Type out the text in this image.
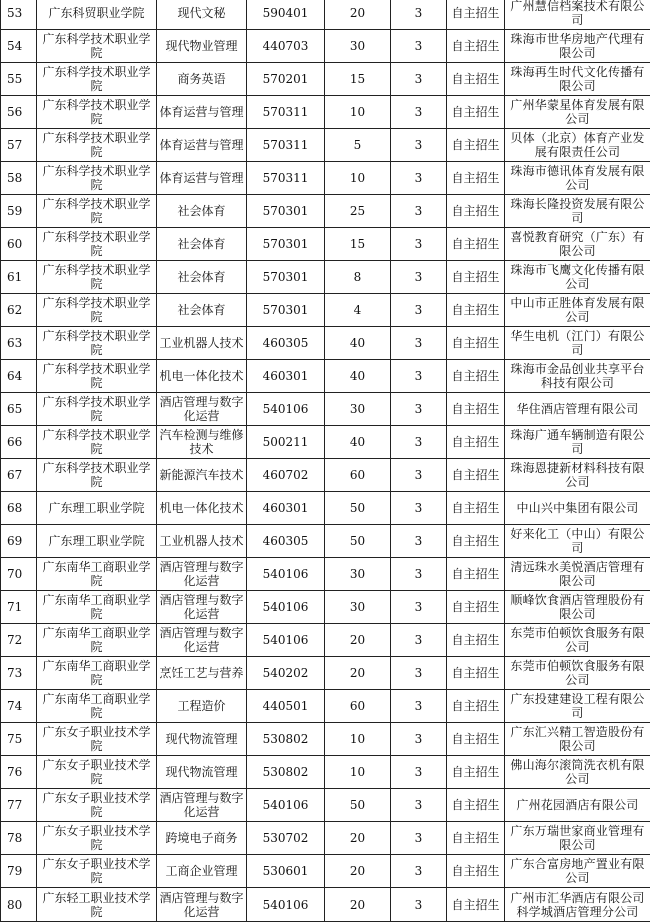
53	广东科贸职业学院	现代文秘	590401	20	3	自主招生	广州慧信档案技术有限公司
54	广东科学技术职业学院	现代物业管理	440703	30	3	自主招生	珠海市世华房地产代理有限公司
55	广东科学技术职业学院	商务英语	570201	15	3	自主招生	珠海再生时代文化传播有限公司
56	广东科学技术职业学院	体育运营与管理	570311	10	3	自主招生	广州华蒙星体育发展有限公司
57	广东科学技术职业学院	体育运营与管理	570311	5	3	自主招生	贝体（北京）体育产业发展有限责任公司
58	广东科学技术职业学院	体育运营与管理	570311	10	3	自主招生	珠海市德讯体育发展有限公司
59	广东科学技术职业学院	社会体育	570301	25	3	自主招生	珠海长隆投资发展有限公司
60	广东科学技术职业学院	社会体育	570301	15	3	自主招生	喜悦教育研究（广东）有限公司
61	广东科学技术职业学院	社会体育	570301	8	3	自主招生	珠海市飞鹰文化传播有限公司
62	广东科学技术职业学院	社会体育	570301	4	3	自主招生	中山市正胜体育发展有限公司
63	广东科学技术职业学院	工业机器人技术	460305	40	3	自主招生	华生电机（江门）有限公司
64	广东科学技术职业学院	机电一体化技术	460301	40	3	自主招生	珠海市金品创业共享平台科技有限公司
65	广东科学技术职业学院	酒店管理与数字化运营	540106	30	3	自主招生	华住酒店管理有限公司
66	广东科学技术职业学院	汽车检测与维修技术	500211	40	3	自主招生	珠海广通车辆制造有限公司
67	广东科学技术职业学院	新能源汽车技术	460702	60	3	自主招生	珠海恩捷新材料科技有限公司
68	广东理工职业学院	机电一体化技术	460301	50	3	自主招生	中山兴中集团有限公司
69	广东理工职业学院	工业机器人技术	460305	50	3	自主招生	好来化工（中山）有限公司
70	广东南华工商职业学院	酒店管理与数字化运营	540106	30	3	自主招生	清远珠水美悦酒店管理有限公司
71	广东南华工商职业学院	酒店管理与数字化运营	540106	30	3	自主招生	顺峰饮食酒店管理股份有限公司
72	广东南华工商职业学院	酒店管理与数字化运营	540106	20	3	自主招生	东莞市伯顿饮食服务有限公司
73	广东南华工商职业学院	烹饪工艺与营养	540202	20	3	自主招生	东莞市伯顿饮食服务有限公司
74	广东南华工商职业学院	工程造价	440501	60	3	自主招生	广东投建建设工程有限公司
75	广东女子职业技术学院	现代物流管理	530802	10	3	自主招生	广东汇兴精工智造股份有限公司
76	广东女子职业技术学院	现代物流管理	530802	10	3	自主招生	佛山海尔滚筒洗衣机有限公司
77	广东女子职业技术学院	酒店管理与数字化运营	540106	50	3	自主招生	广州花园酒店有限公司
78	广东女子职业技术学院	跨境电子商务	530702	20	3	自主招生	广东万瑞世家商业管理有限公司
79	广东女子职业技术学院	工商企业管理	530601	20	3	自主招生	广东合富房地产置业有限公司
80	广东轻工职业技术学院	酒店管理与数字化运营	540106	20	3	自主招生	广州市汇华酒店有限公司科学城酒店管理分公司
